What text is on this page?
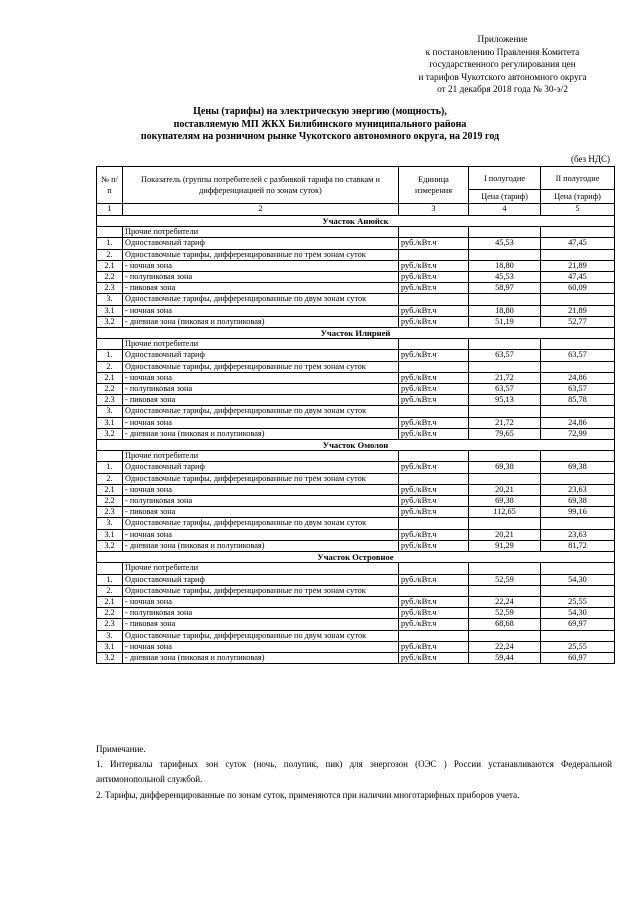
Приложение
к постановлению Правления Комитета
государственного регулирования цен
и тарифов Чукотского автономного округа
от 21 декабря 2018 года № 30-э/2
Цены (тарифы) на электрическую энергию (мощность),
поставляемую МП ЖКХ Билибинского муниципального района
покупателям на розничном рынке Чукотского автономного округа, на 2019 год
(без НДС)
№ п/п	Показатель (группы потребителей с разбивкой тарифа по ставкам и дифференциацией по зонам суток)	Единица измерения	I полугодие	II полугодие
			Цена (тариф)	Цена (тариф)
1	2	3	4	5
Участок Анюйск				
	Прочие потребители			
1.	Одноставочный тариф	руб./кВт.ч	45,53	47,45
2.	Одноставочные тарифы, дифференцированные по трем зонам суток			
2.1	- ночная зона	руб./кВт.ч	18,80	21,89
2.2	- полупиковая зона	руб./кВт.ч	45,53	47,45
2.3	- пиковая зона	руб./кВт.ч	58,97	60,09
3.	Одноставочные тарифы, дифференцированные по двум зонам суток			
3.1	- ночная зона	руб./кВт.ч	18,80	21,89
3.2	- дневная зона (пиковая и полупиковая)	руб./кВт.ч	51,19	52,77
Участок Илирней				
	Прочие потребители			
1.	Одноставочный тариф	руб./кВт.ч	63,57	63,57
2.	Одноставочные тарифы, дифференцированные по трем зонам суток			
2.1	- ночная зона	руб./кВт.ч	21,72	24,86
2.2	- полупиковая зона	руб./кВт.ч	63,57	63,57
2.3	- пиковая зона	руб./кВт.ч	95,13	85,78
3.	Одноставочные тарифы, дифференцированные по двум зонам суток			
3.1	- ночная зона	руб./кВт.ч	21,72	24,86
3.2	- дневная зона (пиковая и полупиковая)	руб./кВт.ч	79,65	72,99
Участок Омолон				
	Прочие потребители			
1.	Одноставочный тариф	руб./кВт.ч	69,38	69,38
2.	Одноставочные тарифы, дифференцированные по трем зонам суток			
2.1	- ночная зона	руб./кВт.ч	20,21	23,63
2.2	- полупиковая зона	руб./кВт.ч	69,38	69,38
2.3	- пиковая зона	руб./кВт.ч	112,65	99,16
3.	Одноставочные тарифы, дифференцированные по двум зонам суток			
3.1	- ночная зона	руб./кВт.ч	20,21	23,63
3.2	- дневная зона (пиковая и полупиковая)	руб./кВт.ч	91,29	81,72
Участок Островное				
	Прочие потребители			
1.	Одноставочный тариф	руб./кВт.ч	52,59	54,30
2.	Одноставочные тарифы, дифференцированные по трем зонам суток			
2.1	- ночная зона	руб./кВт.ч	22,24	25,55
2.2	- полупиковая зона	руб./кВт.ч	52,59	54,30
2.3	- пиковая зона	руб./кВт.ч	68,68	69,97
3.	Одноставочные тарифы, дифференцированные по двум зонам суток			
3.1	- ночная зона	руб./кВт.ч	22,24	25,55
3.2	- дневная зона (пиковая и полупиковая)	руб./кВт.ч	59,44	60,97
Примечание.
1. Интервалы тарифных зон суток (ночь, полупик, пик) для энергозон (ОЭС ) России устанавливаются Федеральной антимонопольной службой.
2. Тарифы, дифференцированные по зонам суток, применяются при наличии многотарифных приборов учета.
